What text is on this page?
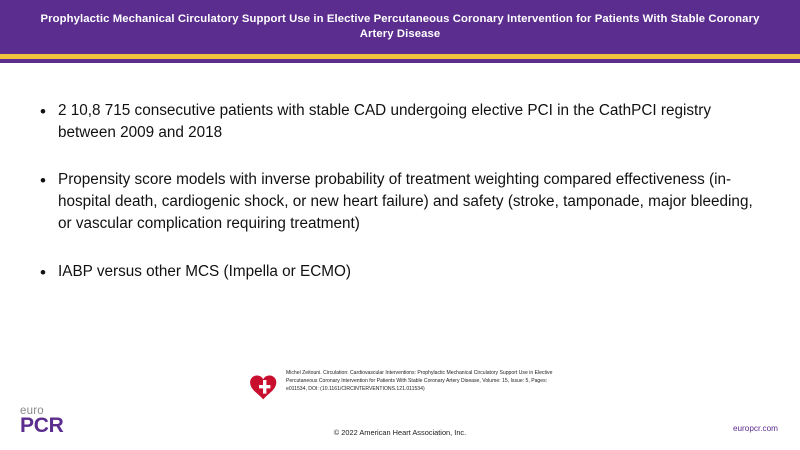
Prophylactic Mechanical Circulatory Support Use in Elective Percutaneous Coronary Intervention for Patients With Stable Coronary Artery Disease
• 2 10,8 715 consecutive patients with stable CAD undergoing elective PCI in the CathPCI registry between 2009 and 2018
• Propensity score models with inverse probability of treatment weighting compared effectiveness (in-hospital death, cardiogenic shock, or new heart failure) and safety (stroke, tamponade, major bleeding, or vascular complication requiring treatment)
• IABP versus other MCS (Impella or ECMO)
Michel Zeitouni. Circulation: Cardiovascular Interventions: Prophylactic Mechanical Circulatory Support Use in Elective Percutaneous Coronary Intervention for Patients With Stable Coronary Artery Disease, Volume: 15, Issue: 5, Pages: e011534, DOI: (10.1161/CIRCINTERVENTIONS.121.011534)
© 2022 American Heart Association, Inc.
euro
PCR	europcr.com
